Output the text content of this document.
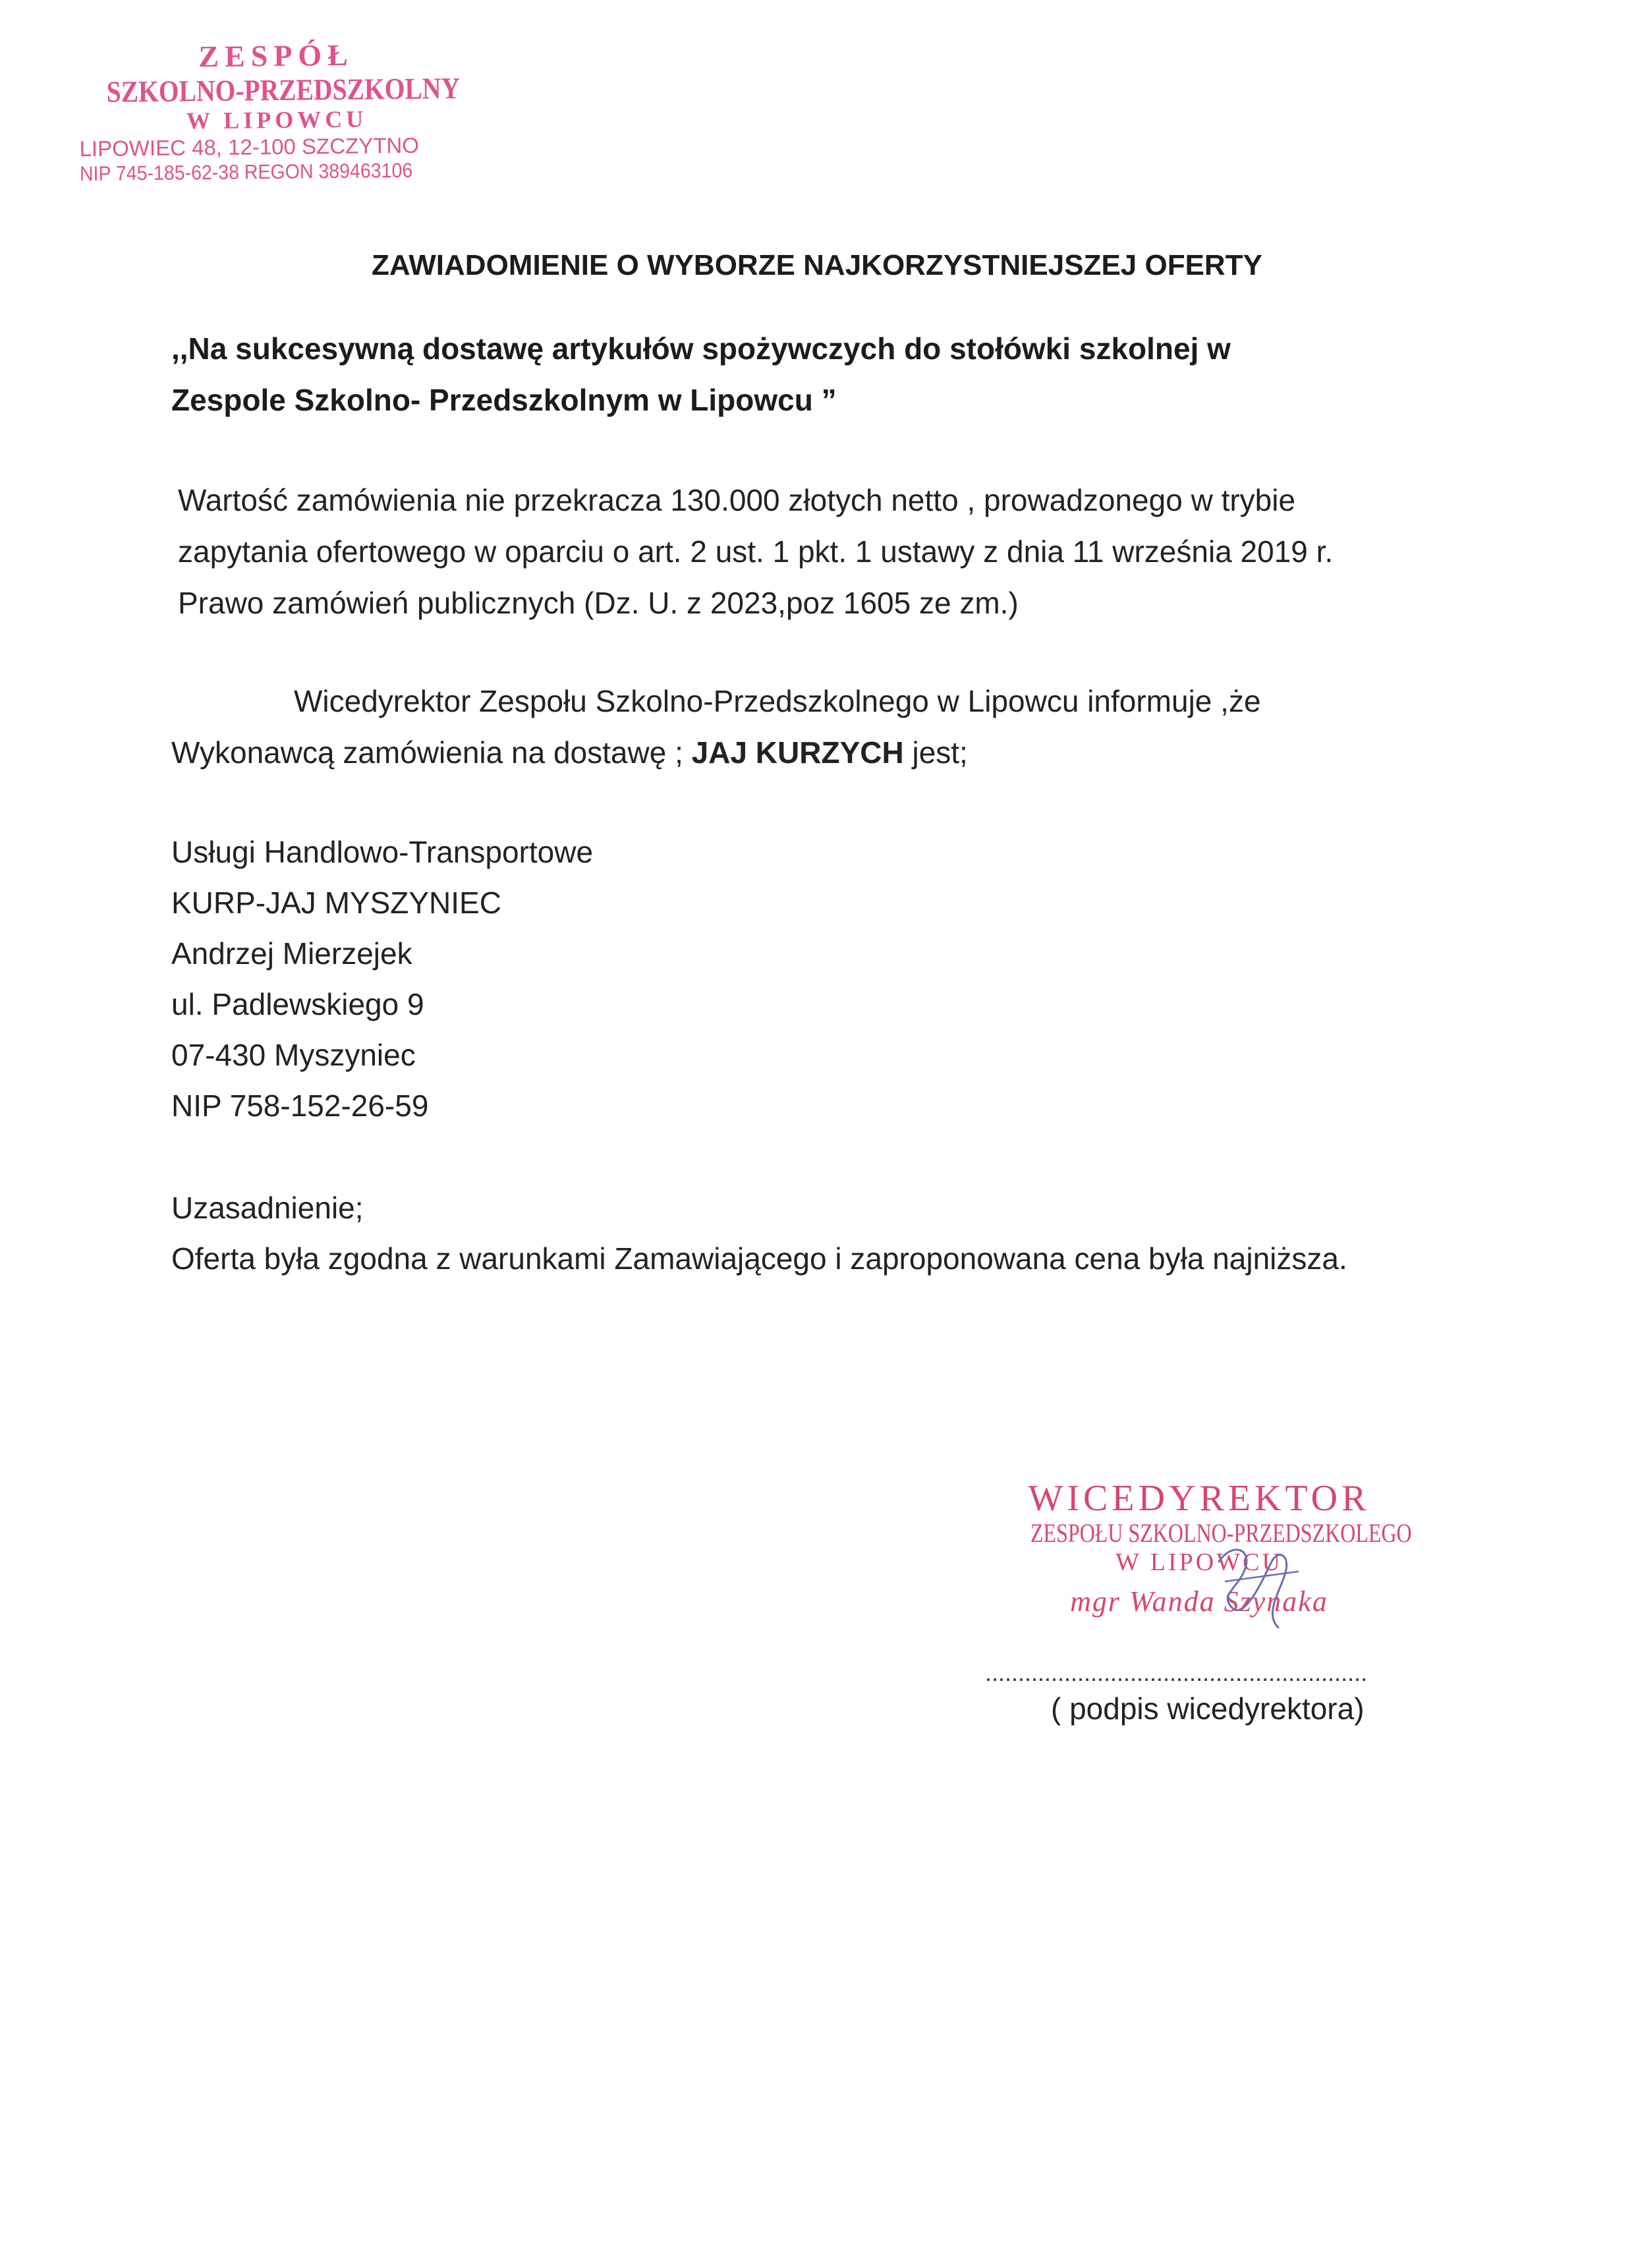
ZESPÓŁ
SZKOLNO-PRZEDSZKOLNY
W LIPOWCU
LIPOWIEC 48, 12-100 SZCZYTNO
NIP 745-185-62-38 REGON 389463106
ZAWIADOMIENIE O WYBORZE NAJKORZYSTNIEJSZEJ OFERTY
,,Na sukcesywną dostawę artykułów spożywczych do stołówki szkolnej w
Zespole Szkolno- Przedszkolnym w Lipowcu ”
Wartość zamówienia nie przekracza 130.000 złotych netto , prowadzonego w trybie zapytania ofertowego w oparciu o art. 2 ust. 1 pkt. 1 ustawy z dnia 11 września 2019 r. Prawo zamówień publicznych (Dz. U. z 2023,poz 1605 ze zm.)
Wicedyrektor Zespołu Szkolno-Przedszkolnego w Lipowcu informuje ,że Wykonawcą zamówienia na dostawę ; JAJ KURZYCH jest;
Usługi Handlowo-Transportowe
KURP-JAJ MYSZYNIEC
Andrzej Mierzejek
ul. Padlewskiego 9
07-430 Myszyniec
NIP 758-152-26-59
Uzasadnienie;
Oferta była zgodna z warunkami Zamawiającego i zaproponowana cena była najniższa.
WICEDYREKTOR
ZESPOŁU SZKOLNO-PRZEDSZKOLEGO
W LIPOWCU
mgr Wanda Szynaka
..........................................................
( podpis wicedyrektora)
